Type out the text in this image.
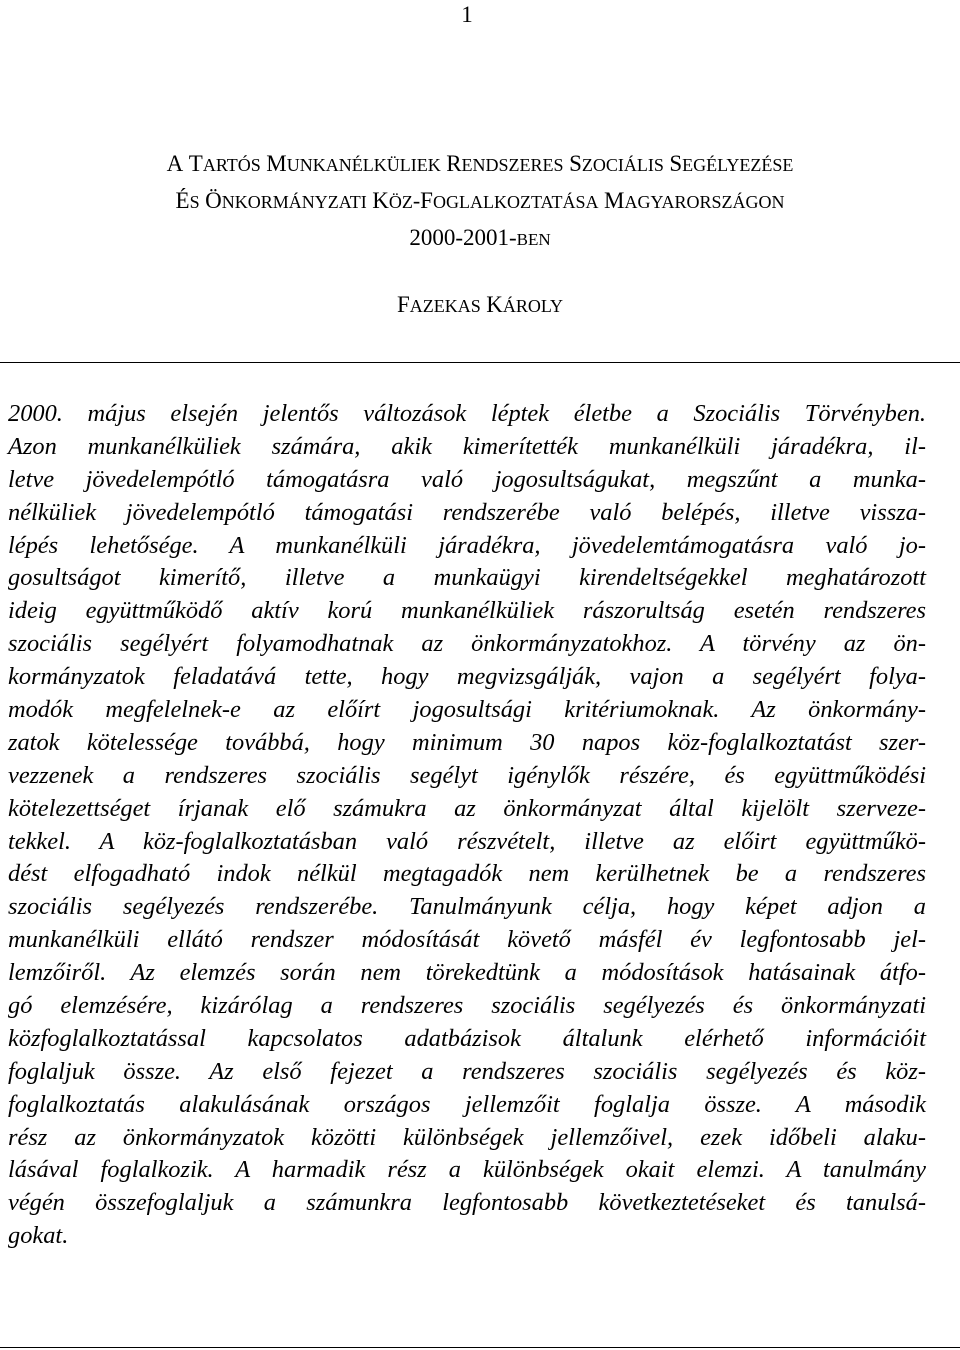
1
A TARTÓS MUNKANÉLKÜLIEK RENDSZERES SZOCIÁLIS SEGÉLYEZÉSE
ÉS ÖNKORMÁNYZATI KÖZ-FOGLALKOZTATÁSA MAGYARORSZÁGON
2000-2001-BEN
FAZEKAS KÁROLY
2000. május elsején jelentős változások léptek életbe a Szociális Törvényben.
Azon munkanélküliek számára, akik kimerítették munkanélküli járadékra, il-
letve jövedelempótló támogatásra való jogosultságukat, megszűnt a munka-
nélküliek jövedelempótló támogatási rendszerébe való belépés, illetve vissza-
lépés lehetősége. A munkanélküli járadékra, jövedelemtámogatásra való jo-
gosultságot kimerítő, illetve a munkaügyi kirendeltségekkel meghatározott
ideig együttműködő aktív korú munkanélküliek rászorultság esetén rendszeres
szociális segélyért folyamodhatnak az önkormányzatokhoz. A törvény az ön-
kormányzatok feladatává tette, hogy megvizsgálják, vajon a segélyért folya-
modók megfelelnek-e az előírt jogosultsági kritériumoknak. Az önkormány-
zatok kötelessége továbbá, hogy minimum 30 napos köz-foglalkoztatást szer-
vezzenek a rendszeres szociális segélyt igénylők részére, és együttműködési
kötelezettséget írjanak elő számukra az önkormányzat által kijelölt szerveze-
tekkel. A köz-foglalkoztatásban való részvételt, illetve az előirt együttműkö-
dést elfogadható indok nélkül megtagadók nem kerülhetnek be a rendszeres
szociális segélyezés rendszerébe. Tanulmányunk célja, hogy képet adjon a
munkanélküli ellátó rendszer módosítását követő másfél év legfontosabb jel-
lemzőiről. Az elemzés során nem törekedtünk a módosítások hatásainak átfo-
gó elemzésére, kizárólag a rendszeres szociális segélyezés és önkormányzati
közfoglalkoztatással kapcsolatos adatbázisok általunk elérhető információit
foglaljuk össze. Az első fejezet a rendszeres szociális segélyezés és köz-
foglalkoztatás alakulásának országos jellemzőit foglalja össze. A második
rész az önkormányzatok közötti különbségek jellemzőivel, ezek időbeli alaku-
lásával foglalkozik. A harmadik rész a különbségek okait elemzi. A tanulmány
végén összefoglaljuk a számunkra legfontosabb következtetéseket és tanulsá-
gokat.
